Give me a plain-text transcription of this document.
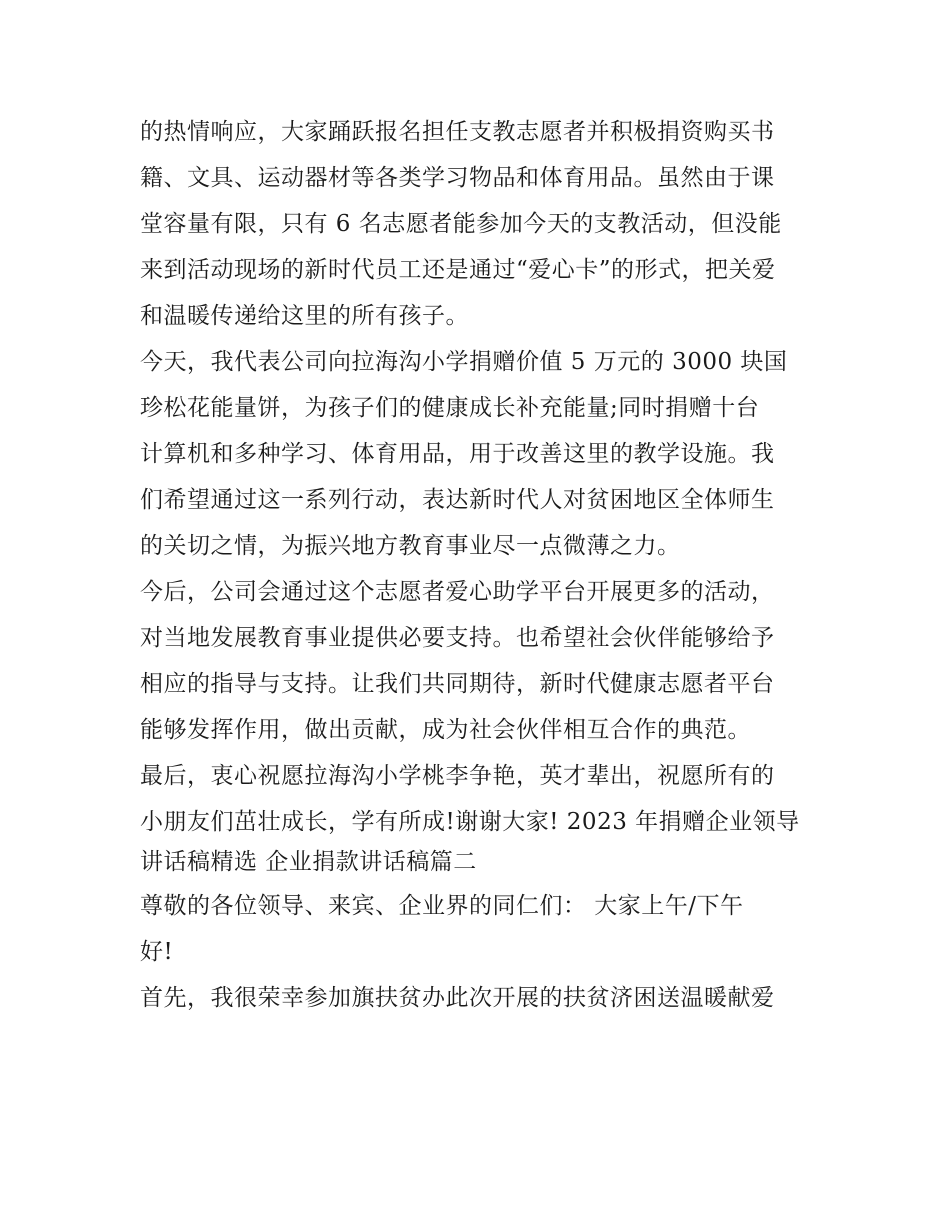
的热情响应，大家踊跃报名担任支教志愿者并积极捐资购买书
籍、文具、运动器材等各类学习物品和体育用品。虽然由于课
堂容量有限，只有 6 名志愿者能参加今天的支教活动，但没能
来到活动现场的新时代员工还是通过“爱心卡”的形式，把关爱
和温暖传递给这里的所有孩子。
今天，我代表公司向拉海沟小学捐赠价值 5 万元的 3000 块国
珍松花能量饼，为孩子们的健康成长补充能量;同时捐赠十台
计算机和多种学习、体育用品，用于改善这里的教学设施。我
们希望通过这一系列行动，表达新时代人对贫困地区全体师生
的关切之情，为振兴地方教育事业尽一点微薄之力。
今后，公司会通过这个志愿者爱心助学平台开展更多的活动，
对当地发展教育事业提供必要支持。也希望社会伙伴能够给予
相应的指导与支持。让我们共同期待，新时代健康志愿者平台
能够发挥作用，做出贡献，成为社会伙伴相互合作的典范。
最后，衷心祝愿拉海沟小学桃李争艳，英才辈出，祝愿所有的
小朋友们茁壮成长，学有所成!谢谢大家! 2023 年捐赠企业领导
讲话稿精选 企业捐款讲话稿篇二
尊敬的各位领导、来宾、企业界的同仁们： 大家上午/下午
好!
首先，我很荣幸参加旗扶贫办此次开展的扶贫济困送温暖献爱
